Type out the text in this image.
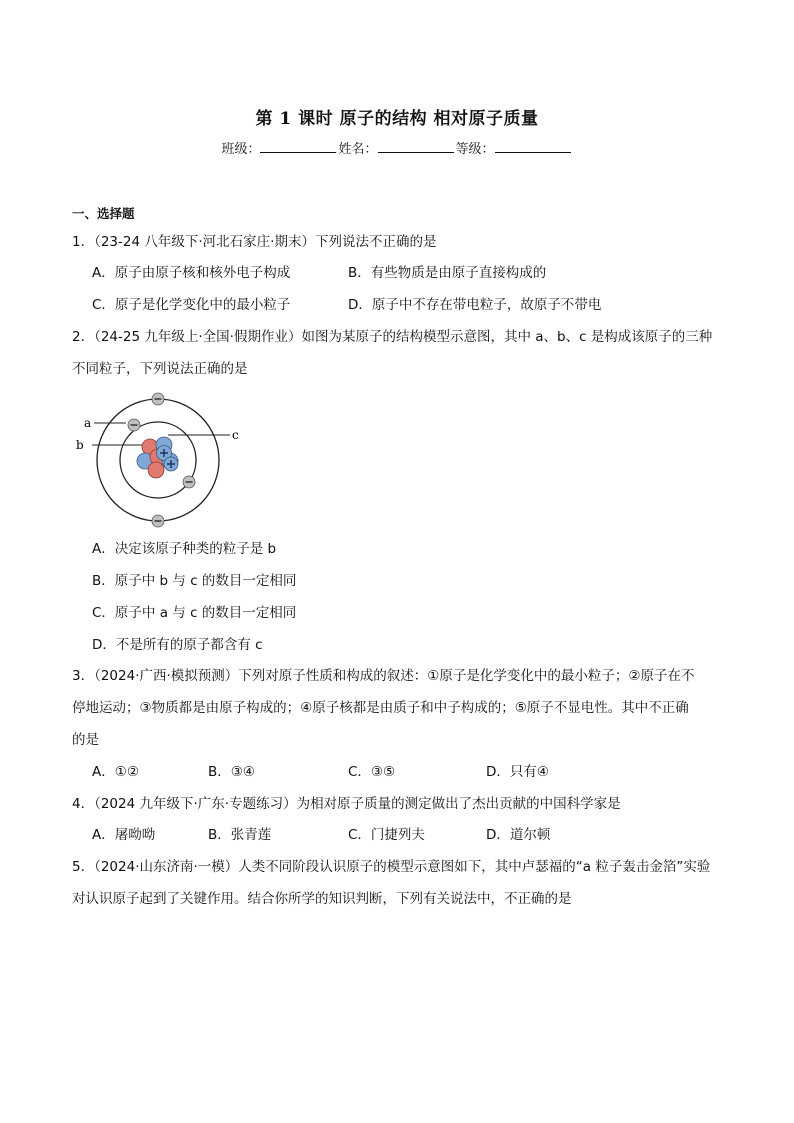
第 1 课时 原子的结构 相对原子质量
班级：	姓名：	等级：
一、选择题
1．（23-24 八年级下·河北石家庄·期末）下列说法不正确的是
A．原子由原子核和核外电子构成	B．有些物质是由原子直接构成的
C．原子是化学变化中的最小粒子	D．原子中不存在带电粒子，故原子不带电
2．（24-25 九年级上·全国·假期作业）如图为某原子的结构模型示意图，其中 a、b、c 是构成该原子的三种
不同粒子，下列说法正确的是
a
b
c
A．决定该原子种类的粒子是 b
B．原子中 b 与 c 的数目一定相同
C．原子中 a 与 c 的数目一定相同
D．不是所有的原子都含有 c
3．（2024·广西·模拟预测）下列对原子性质和构成的叙述：①原子是化学变化中的最小粒子；②原子在不
停地运动；③物质都是由原子构成的；④原子核都是由质子和中子构成的；⑤原子不显电性。其中不正确
的是
A．①②	B．③④	C．③⑤	D．只有④
4．（2024 九年级下·广东·专题练习）为相对原子质量的测定做出了杰出贡献的中国科学家是
A．屠呦呦	B．张青莲	C．门捷列夫	D．道尔顿
5．（2024·山东济南·一模）人类不同阶段认识原子的模型示意图如下，其中卢瑟福的“a 粒子轰击金箔”实验
对认识原子起到了关键作用。结合你所学的知识判断，下列有关说法中，不正确的是
